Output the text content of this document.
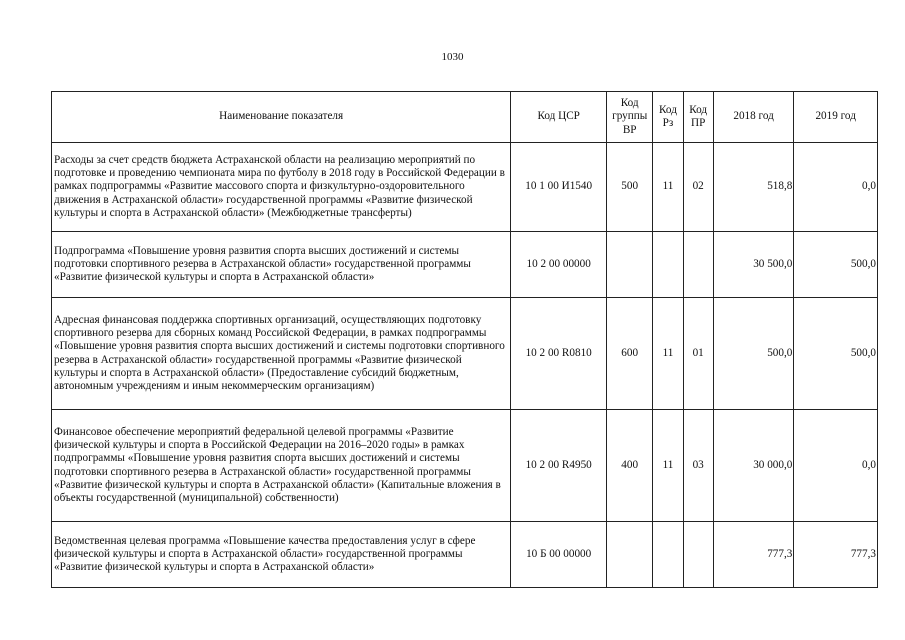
1030
Наименование показателя	Код ЦСР	Код группы ВР	Код Рз	Код ПР	2018 год	2019 год
Расходы за счет средств бюджета Астраханской области на реализацию мероприятий по подготовке и проведению чемпионата мира по футболу в 2018 году в Российской Федерации в рамках подпрограммы «Развитие массового спорта и физкультурно-оздоровительного движения в Астраханской области» государственной программы «Развитие физической культуры и спорта в Астраханской области» (Межбюджетные трансферты)	10 1 00 И1540	500	11	02	518,8	0,0
Подпрограмма «Повышение уровня развития спорта высших достижений и системы подготовки спортивного резерва в Астраханской области» государственной программы «Развитие физической культуры и спорта в Астраханской области»	10 2 00 00000				30 500,0	500,0
Адресная финансовая поддержка спортивных организаций, осуществляющих подготовку спортивного резерва для сборных команд Российской Федерации, в рамках подпрограммы «Повышение уровня развития спорта высших достижений и системы подготовки спортивного резерва в Астраханской области» государственной программы «Развитие физической культуры и спорта в Астраханской области» (Предоставление субсидий бюджетным, автономным учреждениям и иным некоммерческим организациям)	10 2 00 R0810	600	11	01	500,0	500,0
Финансовое обеспечение мероприятий федеральной целевой программы «Развитие физической культуры и спорта в Российской Федерации на 2016–2020 годы» в рамках подпрограммы «Повышение уровня развития спорта высших достижений и системы подготовки спортивного резерва в Астраханской области» государственной программы «Развитие физической культуры и спорта в Астраханской области» (Капитальные вложения в объекты государственной (муниципальной) собственности)	10 2 00 R4950	400	11	03	30 000,0	0,0
Ведомственная целевая программа «Повышение качества предоставления услуг в сфере физической культуры и спорта в Астраханской области» государственной программы «Развитие физической культуры и спорта в Астраханской области»	10 Б 00 00000				777,3	777,3
